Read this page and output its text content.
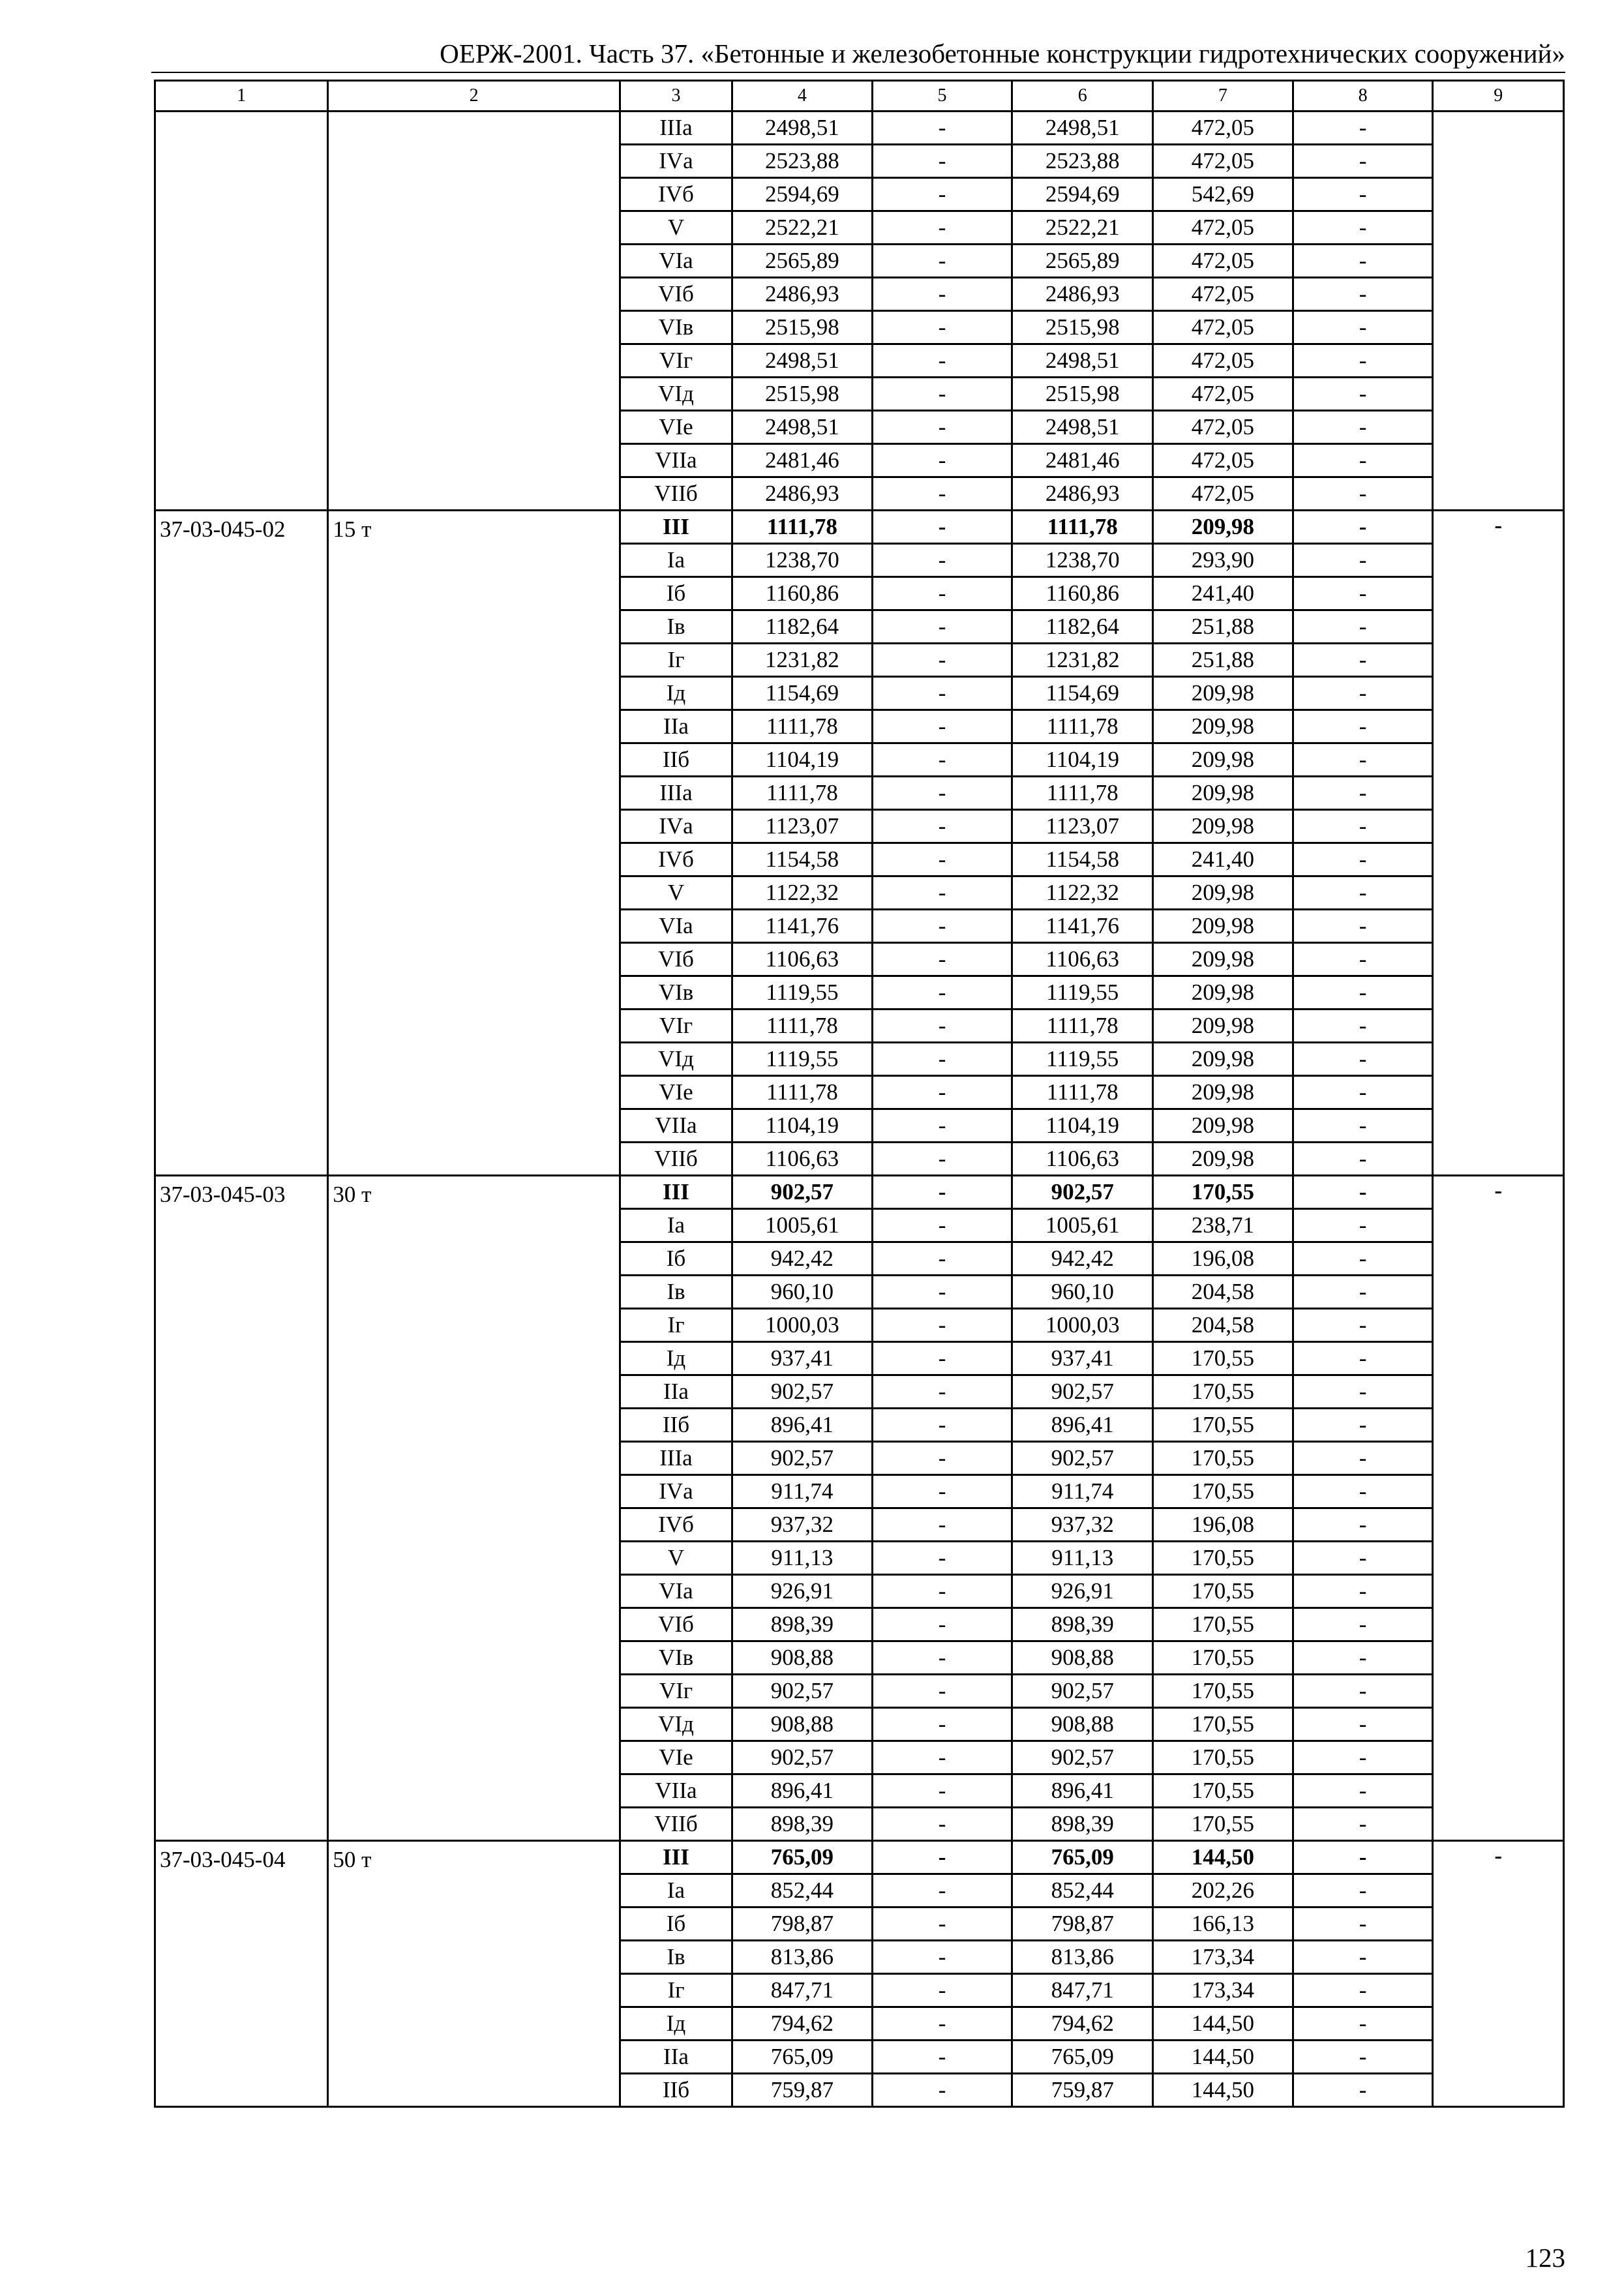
ОЕРЖ-2001. Часть 37. «Бетонные и железобетонные конструкции гидротехнических сооружений»
1	2	3	4	5	6	7	8	9
		IIIа	2498,51	-	2498,51	472,05	-	
		IVа	2523,88	-	2523,88	472,05	-	
		IVб	2594,69	-	2594,69	542,69	-	
		V	2522,21	-	2522,21	472,05	-	
		VIа	2565,89	-	2565,89	472,05	-	
		VIб	2486,93	-	2486,93	472,05	-	
		VIв	2515,98	-	2515,98	472,05	-	
		VIг	2498,51	-	2498,51	472,05	-	
		VIд	2515,98	-	2515,98	472,05	-	
		VIе	2498,51	-	2498,51	472,05	-	
		VIIа	2481,46	-	2481,46	472,05	-	
		VIIб	2486,93	-	2486,93	472,05	-	
37-03-045-02	15 т	III	1111,78	-	1111,78	209,98	-	-
		Iа	1238,70	-	1238,70	293,90	-	
		Iб	1160,86	-	1160,86	241,40	-	
		Iв	1182,64	-	1182,64	251,88	-	
		Iг	1231,82	-	1231,82	251,88	-	
		Iд	1154,69	-	1154,69	209,98	-	
		IIа	1111,78	-	1111,78	209,98	-	
		IIб	1104,19	-	1104,19	209,98	-	
		IIIа	1111,78	-	1111,78	209,98	-	
		IVа	1123,07	-	1123,07	209,98	-	
		IVб	1154,58	-	1154,58	241,40	-	
		V	1122,32	-	1122,32	209,98	-	
		VIа	1141,76	-	1141,76	209,98	-	
		VIб	1106,63	-	1106,63	209,98	-	
		VIв	1119,55	-	1119,55	209,98	-	
		VIг	1111,78	-	1111,78	209,98	-	
		VIд	1119,55	-	1119,55	209,98	-	
		VIе	1111,78	-	1111,78	209,98	-	
		VIIа	1104,19	-	1104,19	209,98	-	
		VIIб	1106,63	-	1106,63	209,98	-	
37-03-045-03	30 т	III	902,57	-	902,57	170,55	-	-
		Iа	1005,61	-	1005,61	238,71	-	
		Iб	942,42	-	942,42	196,08	-	
		Iв	960,10	-	960,10	204,58	-	
		Iг	1000,03	-	1000,03	204,58	-	
		Iд	937,41	-	937,41	170,55	-	
		IIа	902,57	-	902,57	170,55	-	
		IIб	896,41	-	896,41	170,55	-	
		IIIа	902,57	-	902,57	170,55	-	
		IVа	911,74	-	911,74	170,55	-	
		IVб	937,32	-	937,32	196,08	-	
		V	911,13	-	911,13	170,55	-	
		VIа	926,91	-	926,91	170,55	-	
		VIб	898,39	-	898,39	170,55	-	
		VIв	908,88	-	908,88	170,55	-	
		VIг	902,57	-	902,57	170,55	-	
		VIд	908,88	-	908,88	170,55	-	
		VIе	902,57	-	902,57	170,55	-	
		VIIа	896,41	-	896,41	170,55	-	
		VIIб	898,39	-	898,39	170,55	-	
37-03-045-04	50 т	III	765,09	-	765,09	144,50	-	-
		Iа	852,44	-	852,44	202,26	-	
		Iб	798,87	-	798,87	166,13	-	
		Iв	813,86	-	813,86	173,34	-	
		Iг	847,71	-	847,71	173,34	-	
		Iд	794,62	-	794,62	144,50	-	
		IIа	765,09	-	765,09	144,50	-	
		IIб	759,87	-	759,87	144,50	-	
123
